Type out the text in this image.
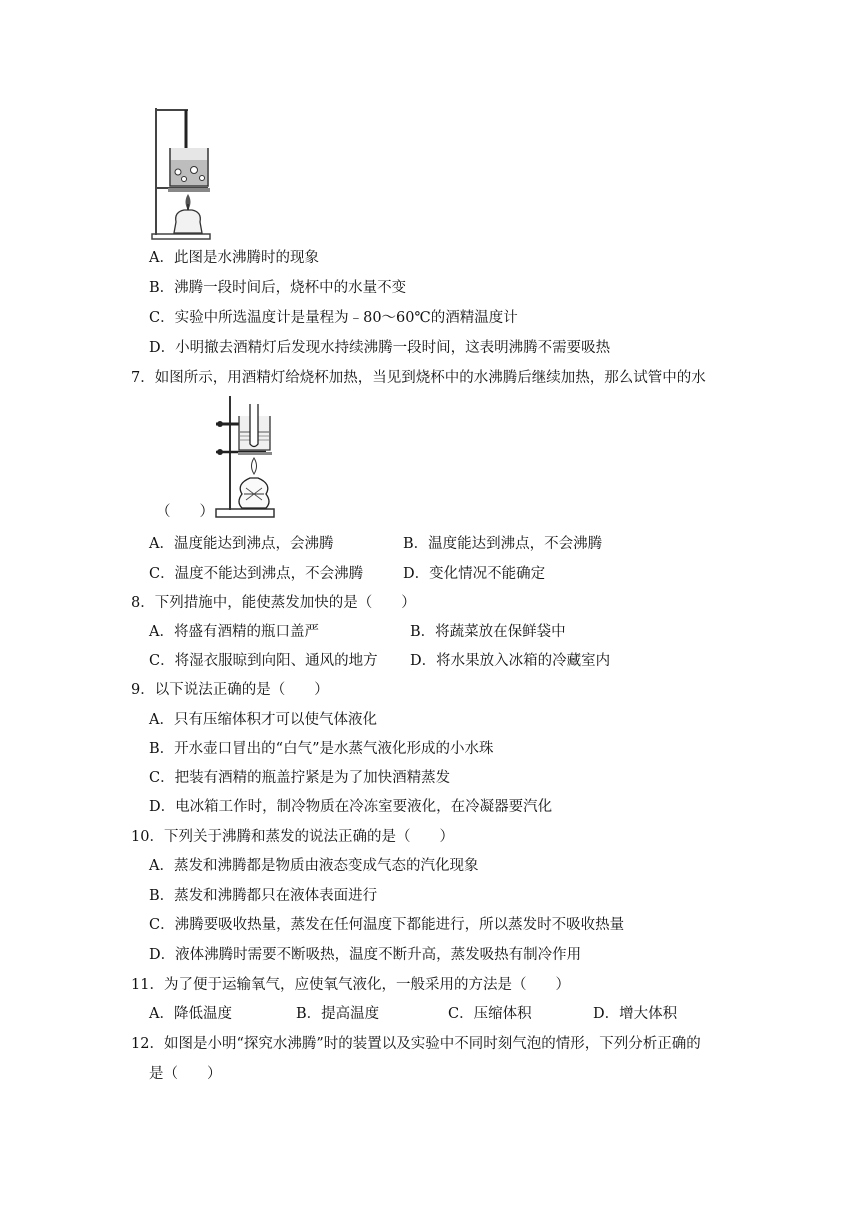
A．此图是水沸腾时的现象
B．沸腾一段时间后，烧杯中的水量不变
C．实验中所选温度计是量程为﹣80～60℃的酒精温度计
D．小明撤去酒精灯后发现水持续沸腾一段时间，这表明沸腾不需要吸热
7．如图所示，用酒精灯给烧杯加热，当见到烧杯中的水沸腾后继续加热，那么试管中的水
（　　）
A．温度能达到沸点，会沸腾	B．温度能达到沸点，不会沸腾
C．温度不能达到沸点，不会沸腾	D．变化情况不能确定
8．下列措施中，能使蒸发加快的是（　　）
A．将盛有酒精的瓶口盖严	B．将蔬菜放在保鲜袋中
C．将湿衣服晾到向阳、通风的地方 D．将水果放入冰箱的冷藏室内
9．以下说法正确的是（　　）
A．只有压缩体积才可以使气体液化
B．开水壶口冒出的“白气”是水蒸气液化形成的小水珠
C．把装有酒精的瓶盖拧紧是为了加快酒精蒸发
D．电冰箱工作时，制冷物质在冷冻室要液化，在冷凝器要汽化
10．下列关于沸腾和蒸发的说法正确的是（　　）
A．蒸发和沸腾都是物质由液态变成气态的汽化现象
B．蒸发和沸腾都只在液体表面进行
C．沸腾要吸收热量，蒸发在任何温度下都能进行，所以蒸发时不吸收热量
D．液体沸腾时需要不断吸热，温度不断升高，蒸发吸热有制冷作用
11．为了便于运输氧气，应使氧气液化，一般采用的方法是（　　）
A．降低温度	B．提高温度	C．压缩体积	D．增大体积
12．如图是小明“探究水沸腾”时的装置以及实验中不同时刻气泡的情形，下列分析正确的
是（　　）
